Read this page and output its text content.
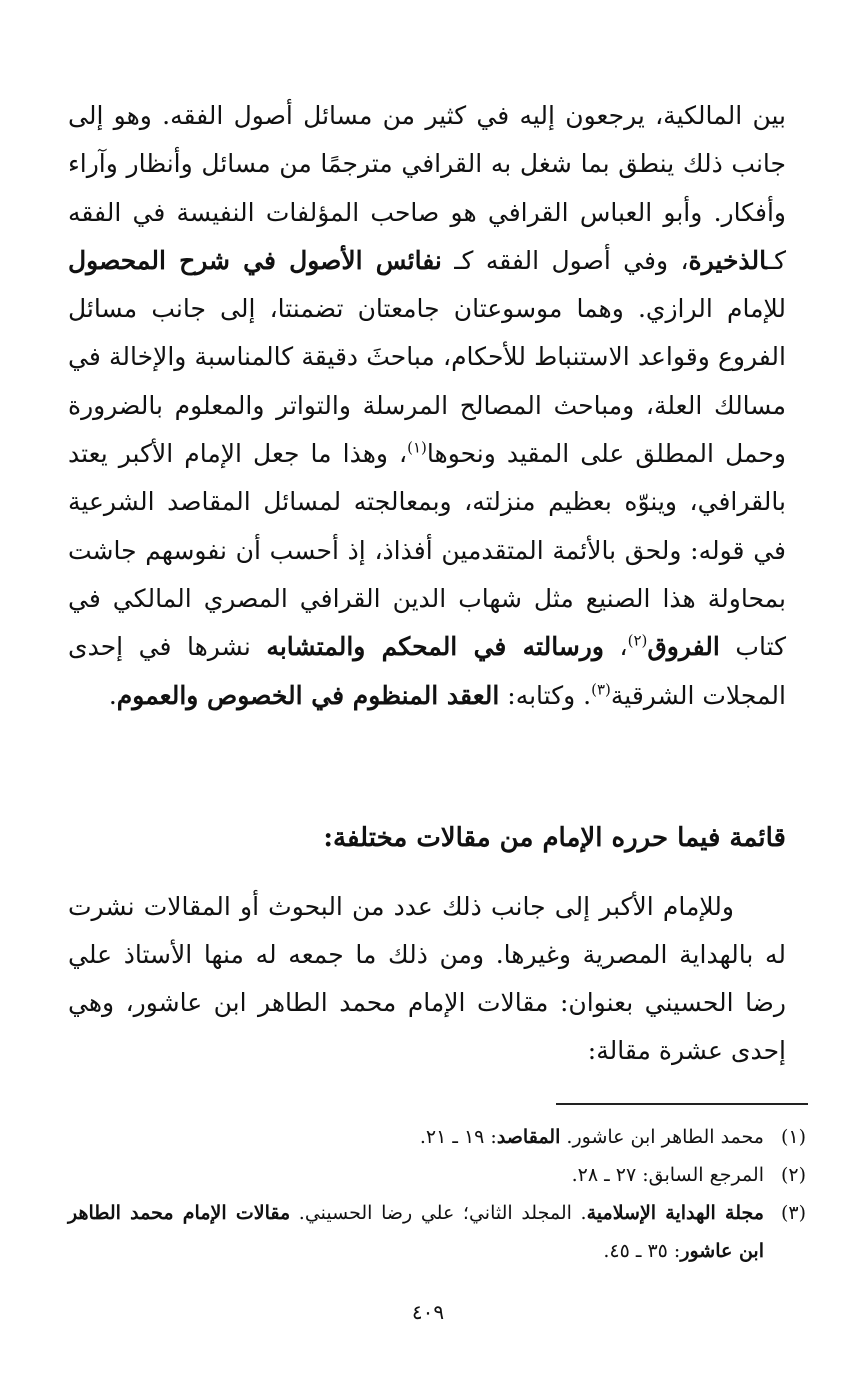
بين المالكية، يرجعون إليه في كثير من مسائل أصول الفقه. وهو إلى جانب ذلك ينطق بما شغل به القرافي مترجمًا من مسائل وأنظار وآراء وأفكار. وأبو العباس القرافي هو صاحب المؤلفات النفيسة في الفقه كـالذخيرة، وفي أصول الفقه كـ نفائس الأصول في شرح المحصول للإمام الرازي. وهما موسوعتان جامعتان تضمنتا، إلى جانب مسائل الفروع وقواعد الاستنباط للأحكام، مباحثَ دقيقة كالمناسبة والإخالة في مسالك العلة، ومباحث المصالح المرسلة والتواتر والمعلوم بالضرورة وحمل المطلق على المقيد ونحوها$^{(١)}$، وهذا ما جعل الإمام الأكبر يعتد بالقرافي، وينوّه بعظيم منزلته، وبمعالجته لمسائل المقاصد الشرعية في قوله: ولحق بالأئمة المتقدمين أفذاذ، إذ أحسب أن نفوسهم جاشت بمحاولة هذا الصنيع مثل شهاب الدين القرافي المصري المالكي في كتاب الفروق$^{(٢)}$، ورسالته في المحكم والمتشابه نشرها في إحدى المجلات الشرقية$^{(٣)}$. وكتابه: العقد المنظوم في الخصوص والعموم.

قائمة فيما حرره الإمام من مقالات مختلفة:

وللإمام الأكبر إلى جانب ذلك عدد من البحوث أو المقالات نشرت له بالهداية المصرية وغيرها. ومن ذلك ما جمعه له منها الأستاذ علي رضا الحسيني بعنوان: مقالات الإمام محمد الطاهر ابن عاشور، وهي إحدى عشرة مقالة:

(١)
محمد الطاهر ابن عاشور. المقاصد: ١٩ ـ ٢١.
(٢)
المرجع السابق: ٢٧ ـ ٢٨.
(٣)
مجلة الهداية الإسلامية. المجلد الثاني؛ علي رضا الحسيني. مقالات الإمام محمد الطاهر ابن عاشور: ٣٥ ـ ٤٥.
٤٠٩
